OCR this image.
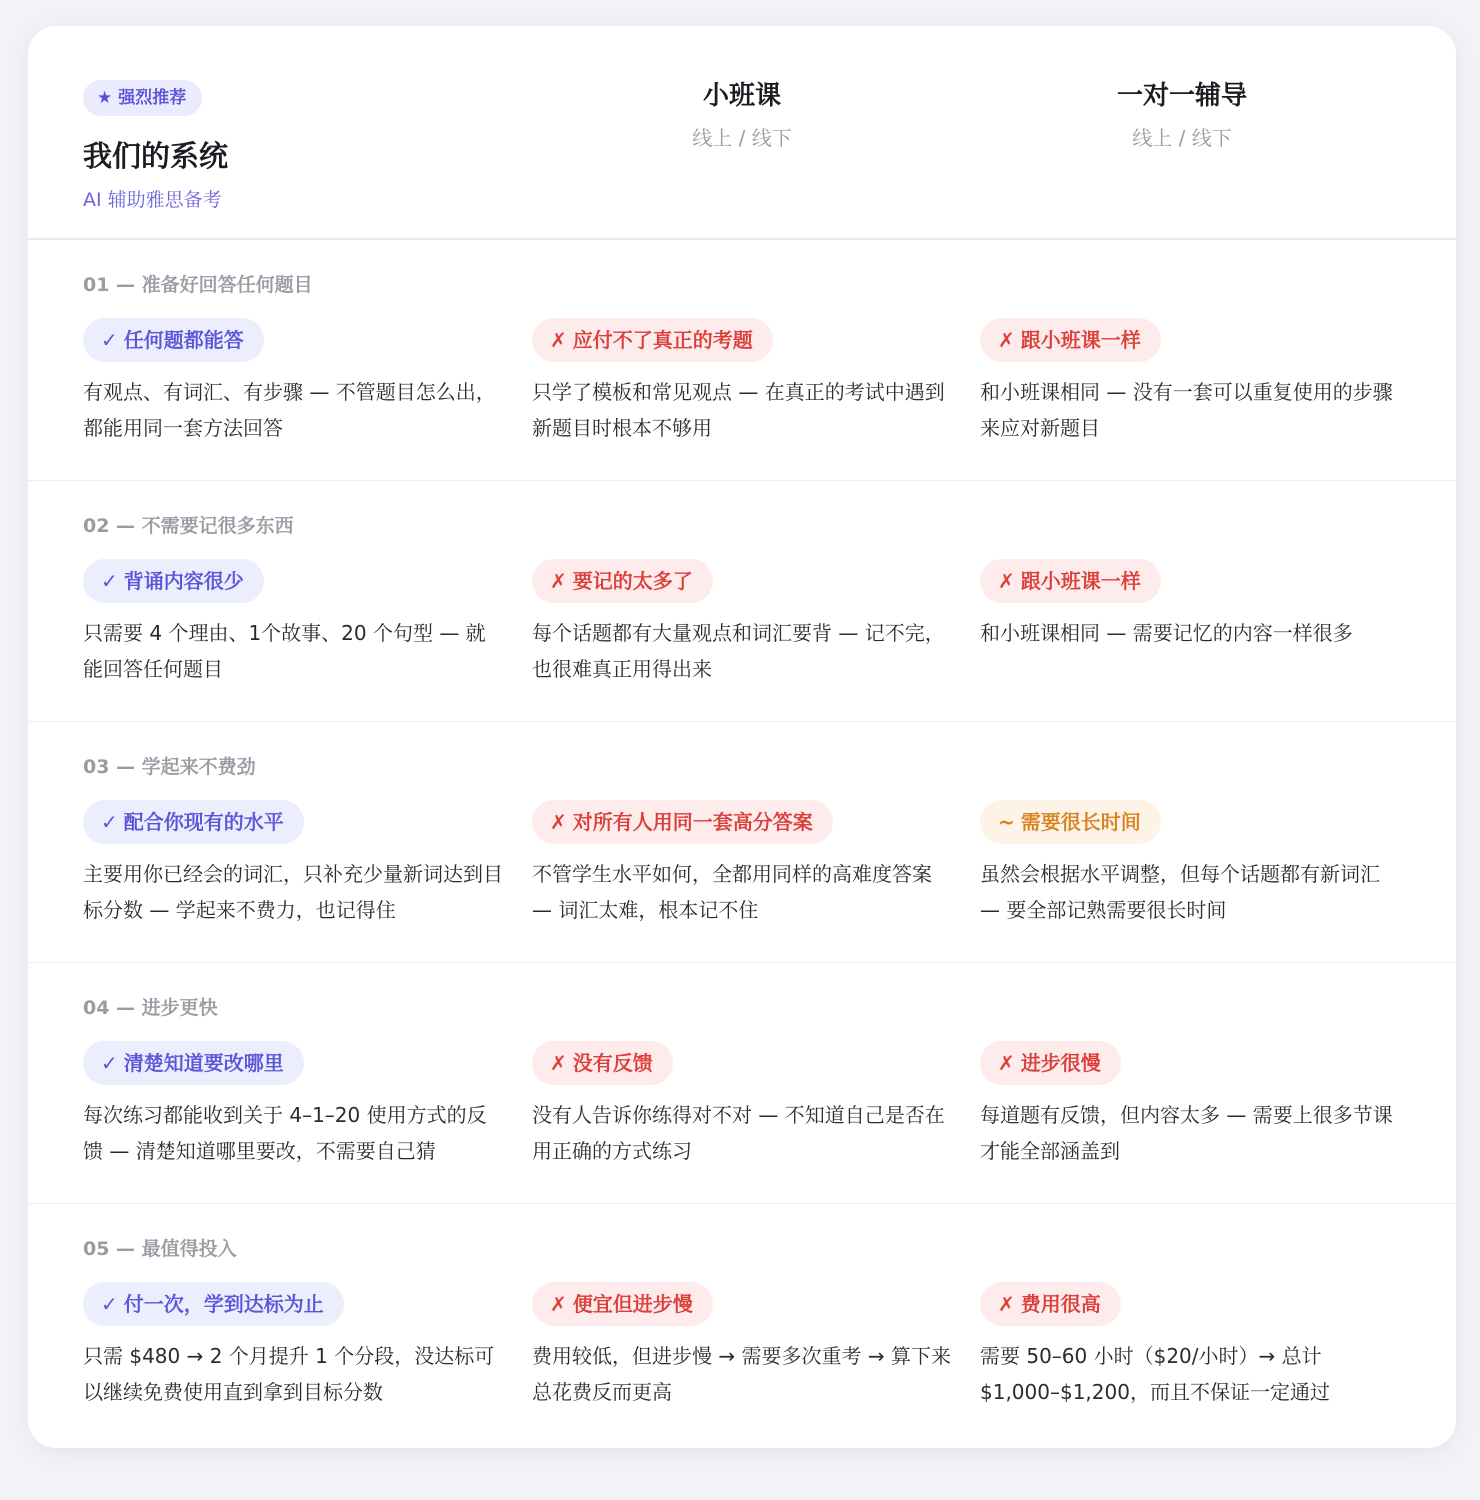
★ 强烈推荐
我们的系统
AI 辅助雅思备考
小班课
线上 / 线下
一对一辅导
线上 / 线下
01 — 准备好回答任何题目
✓ 任何题都能答
有观点、有词汇、有步骤 — 不管题目怎么出，都能用同一套方法回答
✗ 应付不了真正的考题
只学了模板和常见观点 — 在真正的考试中遇到新题目时根本不够用
✗ 跟小班课一样
和小班课相同 — 没有一套可以重复使用的步骤来应对新题目
02 — 不需要记很多东西
✓ 背诵内容很少
只需要 4 个理由、1个故事、20 个句型 — 就能回答任何题目
✗ 要记的太多了
每个话题都有大量观点和词汇要背 — 记不完，也很难真正用得出来
✗ 跟小班课一样
和小班课相同 — 需要记忆的内容一样很多
03 — 学起来不费劲
✓ 配合你现有的水平
主要用你已经会的词汇，只补充少量新词达到目标分数 — 学起来不费力，也记得住
✗ 对所有人用同一套高分答案
不管学生水平如何，全都用同样的高难度答案 — 词汇太难，根本记不住
~ 需要很长时间
虽然会根据水平调整，但每个话题都有新词汇 — 要全部记熟需要很长时间
04 — 进步更快
✓ 清楚知道要改哪里
每次练习都能收到关于 4–1–20 使用方式的反馈 — 清楚知道哪里要改，不需要自己猜
✗ 没有反馈
没有人告诉你练得对不对 — 不知道自己是否在用正确的方式练习
✗ 进步很慢
每道题有反馈，但内容太多 — 需要上很多节课才能全部涵盖到
05 — 最值得投入
✓ 付一次，学到达标为止
只需 $480 → 2 个月提升 1 个分段，没达标可以继续免费使用直到拿到目标分数
✗ 便宜但进步慢
费用较低，但进步慢 → 需要多次重考 → 算下来总花费反而更高
✗ 费用很高
需要 50–60 小时（$20/小时）→ 总计 $1,000–$1,200，而且不保证一定通过
